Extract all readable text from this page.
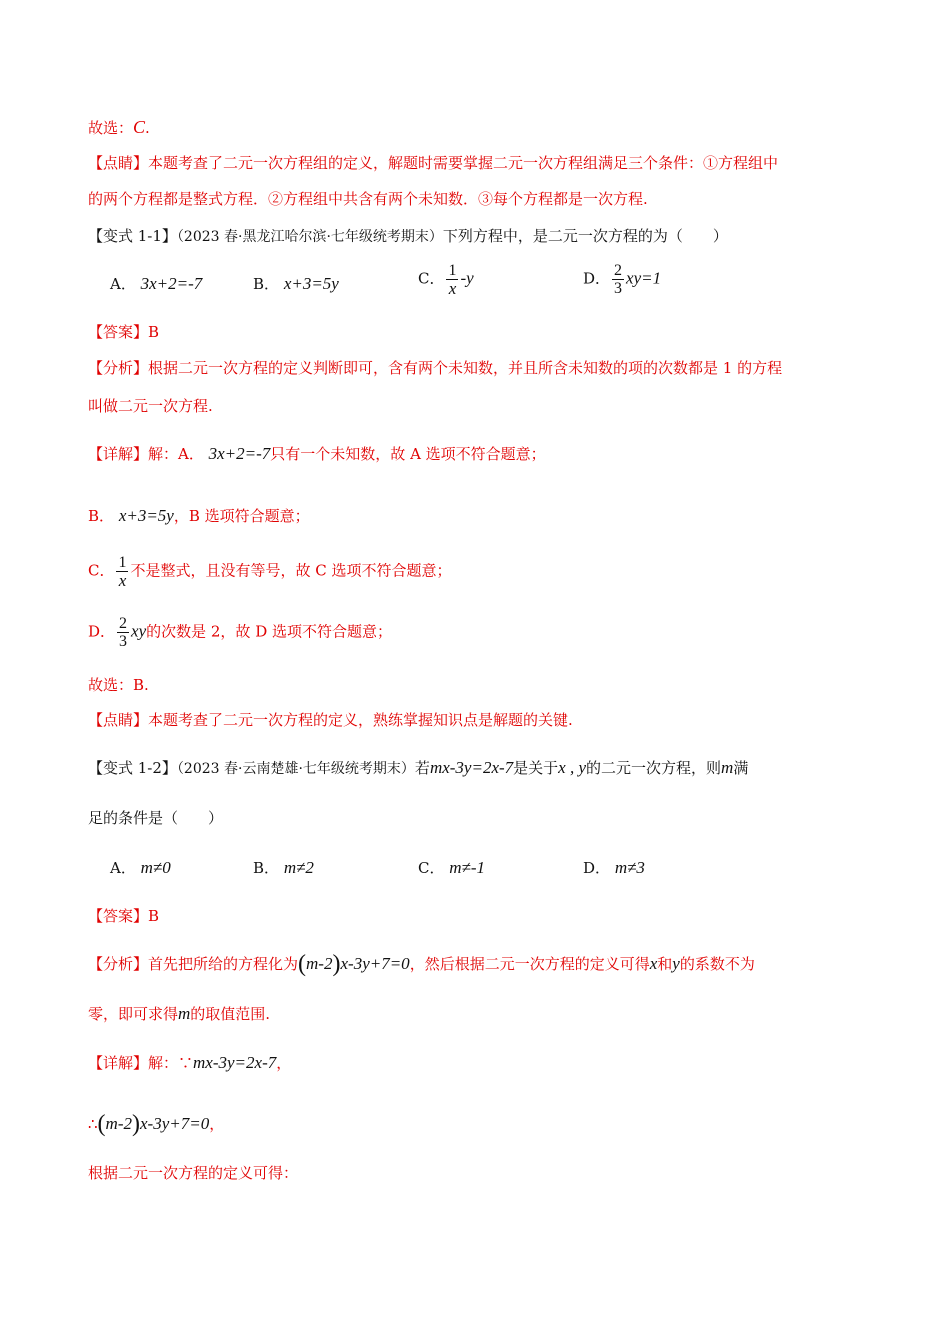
故选：C.
【点睛】本题考查了二元一次方程组的定义，解题时需要掌握二元一次方程组满足三个条件：①方程组中
的两个方程都是整式方程．②方程组中共含有两个未知数．③每个方程都是一次方程.
【变式 1-1】（2023 春·黑龙江哈尔滨·七年级统考期末）下列方程中，是二元一次方程的为（　　）
A． 3x+2=-7	B． x+3=5y	C． $\frac{1}{x} -y$	D． $\frac{2}{3} xy=1$
【答案】B
【分析】根据二元一次方程的定义判断即可，含有两个未知数，并且所含未知数的项的次数都是 1 的方程
叫做二元一次方程.
【详解】解：A． 3x+2=-7只有一个未知数，故 A 选项不符合题意；
B． x+3=5y，B 选项符合题意；
C． $\frac{1}{x}$ 不是整式，且没有等号，故 C 选项不符合题意；
D． $\frac{2}{3}$ xy的次数是 2，故 D 选项不符合题意；
故选：B.
【点睛】本题考查了二元一次方程的定义，熟练掌握知识点是解题的关键.
【变式 1-2】（2023 春·云南楚雄·七年级统考期末）若mx-3y=2x-7是关于x , y的二元一次方程，则m满
足的条件是（　　）
A． m≠0	B． m≠2	C． m≠-1	D． m≠3
【答案】B
【分析】首先把所给的方程化为(m-2)x-3y+7=0，然后根据二元一次方程的定义可得x和y的系数不为
零，即可求得m的取值范围.
【详解】解：∵mx-3y=2x-7，
∴(m-2)x-3y+7=0，
根据二元一次方程的定义可得：
